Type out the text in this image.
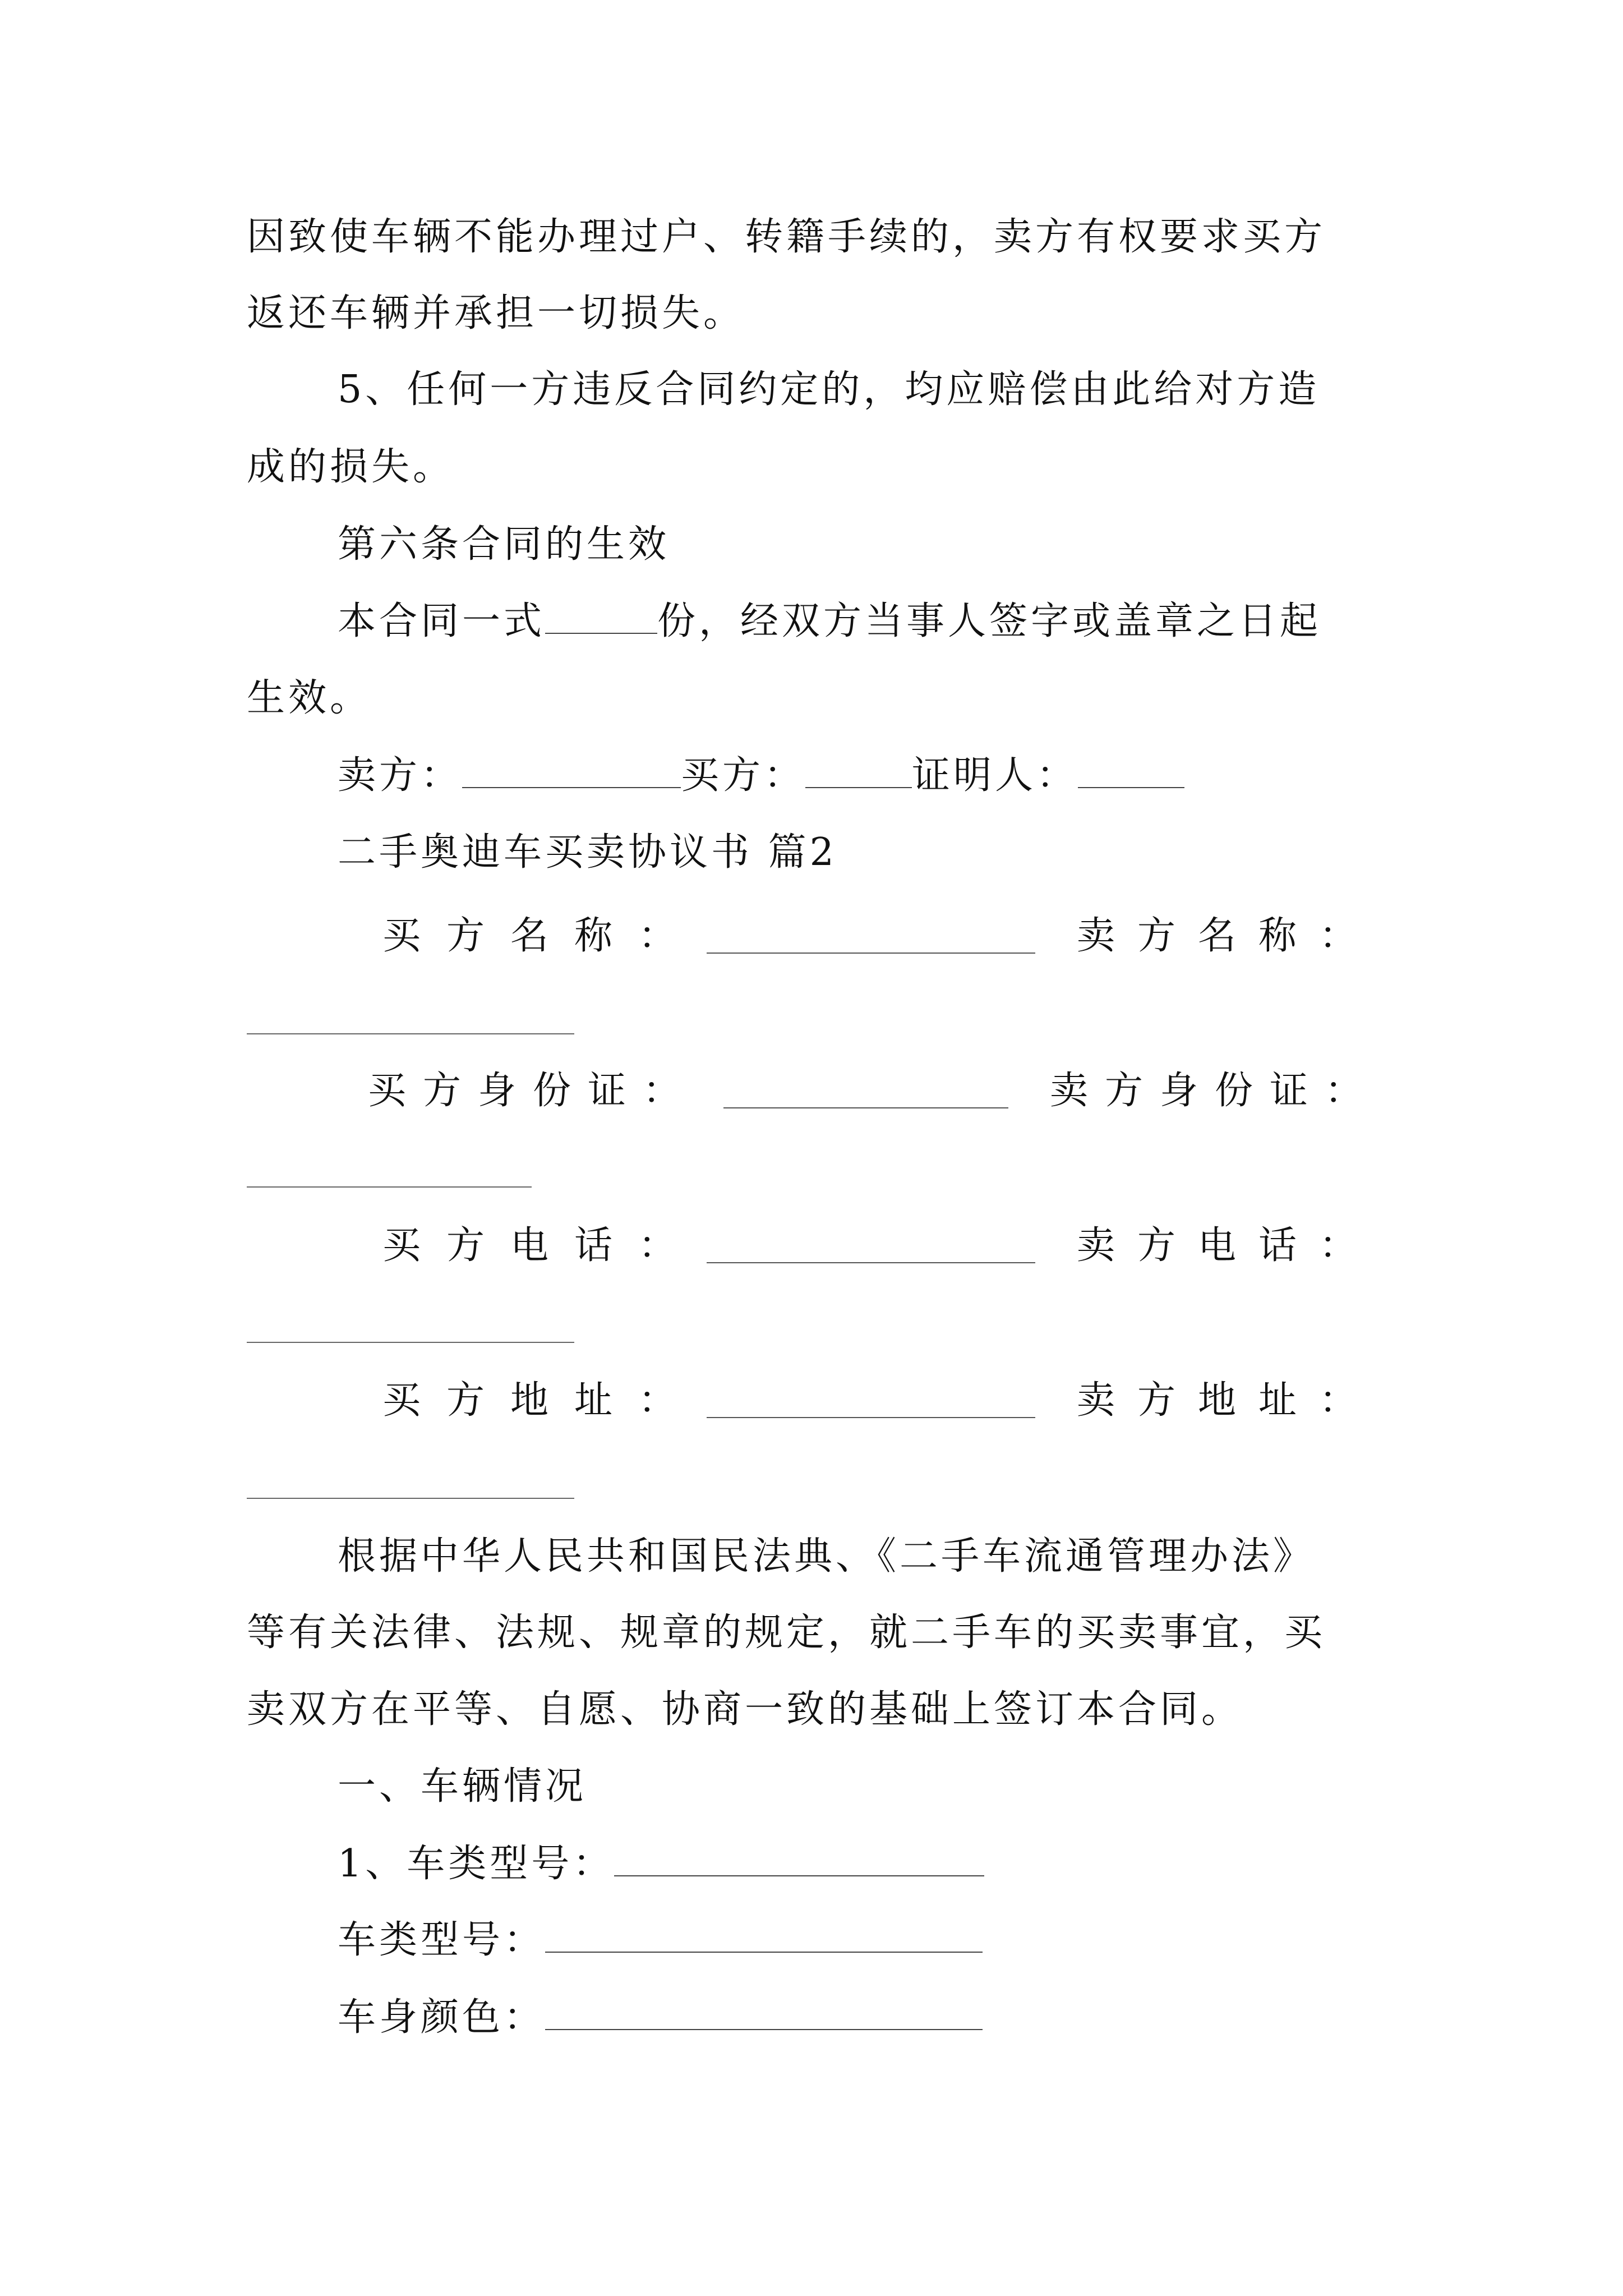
因致使车辆不能办理过户、转籍手续的，卖方有权要求买方
返还车辆并承担一切损失。
5、任何一方违反合同约定的，均应赔偿由此给对方造
成的损失。
第六条合同的生效
本合同一式	份，经双方当事人签字或盖章之日起
生效。
卖方：	买方：	证明人：
二手奥迪车买卖协议书 篇2
买方名称：	卖方名称：
买方身份证：	卖方身份证：
买方电话：	卖方电话：
买方地址：	卖方地址：
根据中华人民共和国民法典、《二手车流通管理办法》
等有关法律、法规、规章的规定，就二手车的买卖事宜，买
卖双方在平等、自愿、协商一致的基础上签订本合同。
一、车辆情况
1、车类型号：
车类型号：
车身颜色：
